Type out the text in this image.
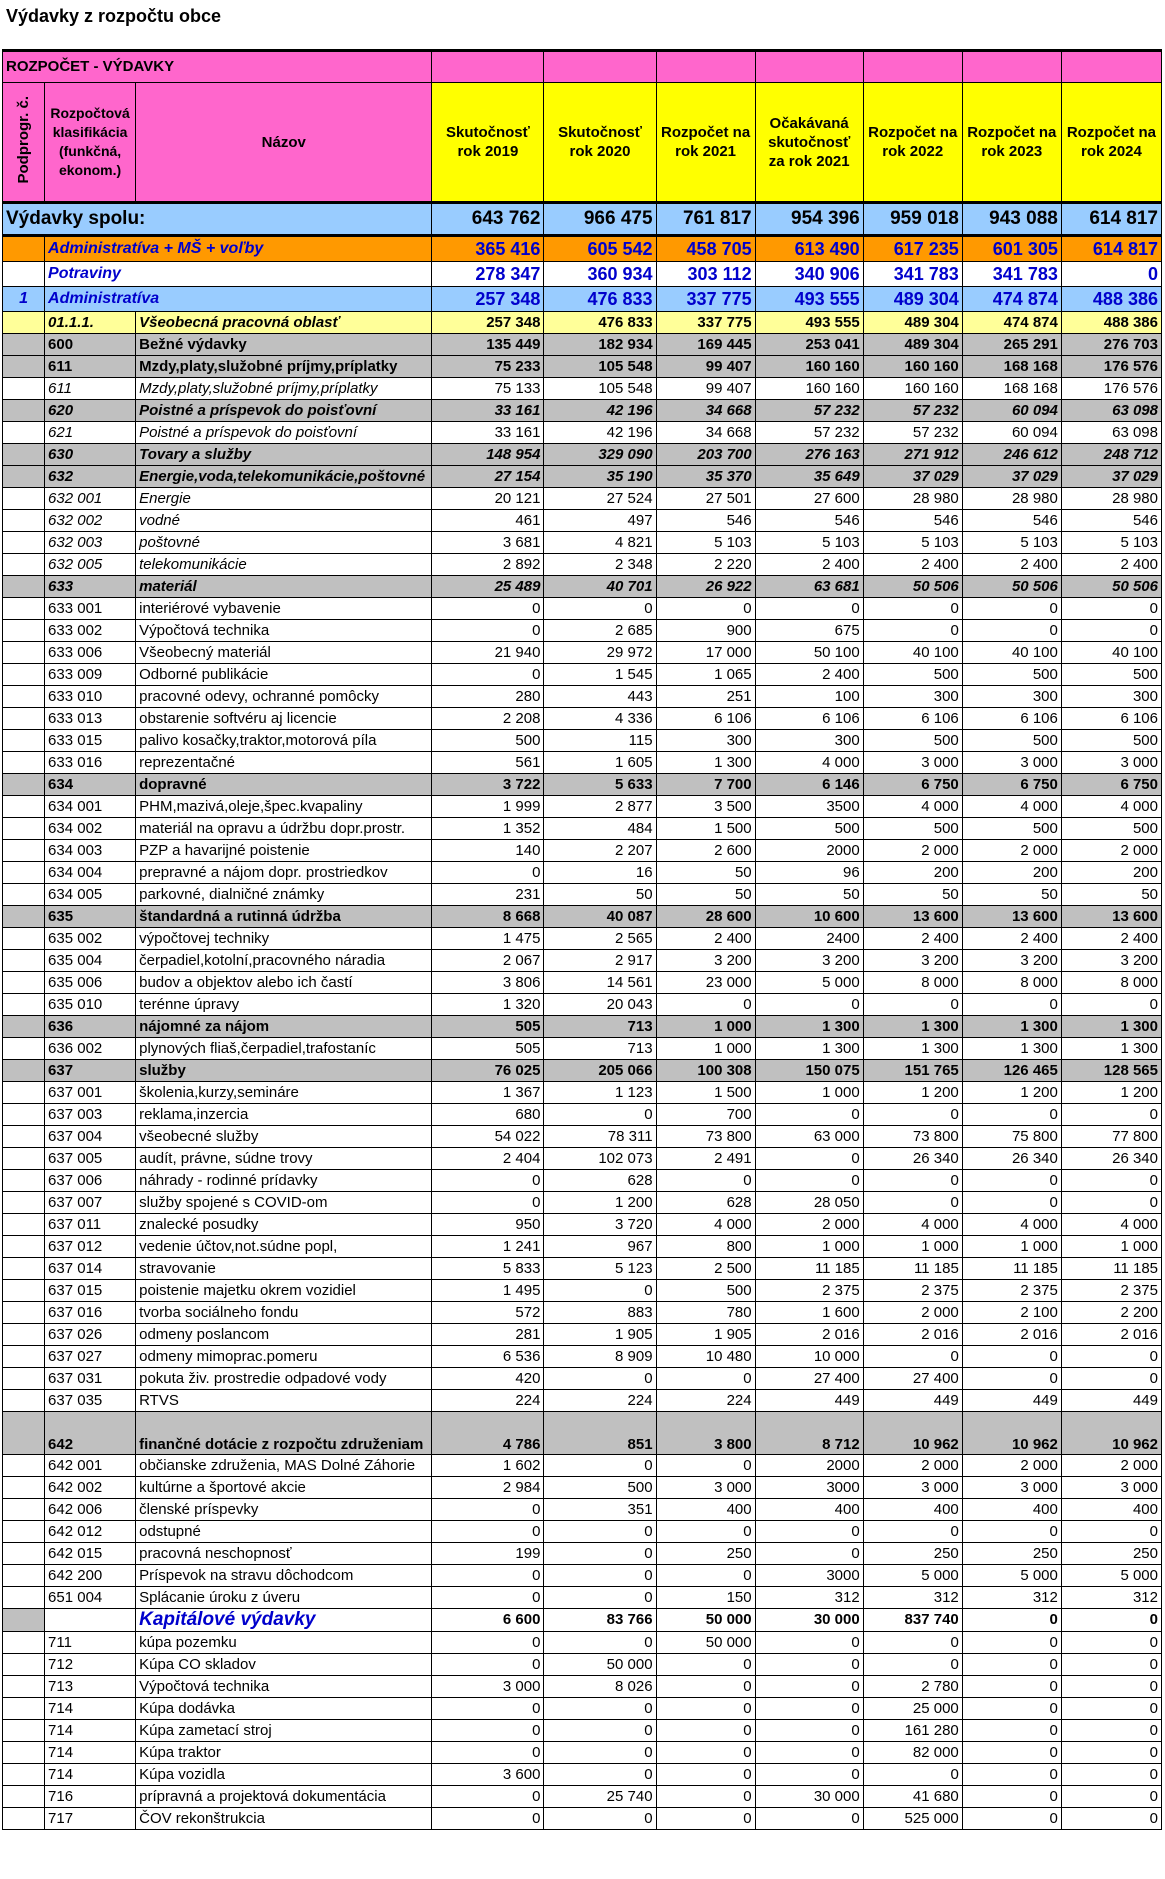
Výdavky z rozpočtu obce
ROZPOČET - VÝDAVKY									
Podprogr. č.	Rozpočtová klasifikácia (funkčná, ekonom.)	Názov	Skutočnosť rok 2019	Skutočnosť rok 2020	Rozpočet na rok 2021	Očakávaná skutočnosť za rok 2021	Rozpočet na rok 2022	Rozpočet na rok 2023	Rozpočet na rok 2024
Výdavky spolu:			643 762	966 475	761 817	954 396	959 018	943 088	614 817
	Administratíva + MŠ + voľby		365 416	605 542	458 705	613 490	617 235	601 305	614 817
	Potraviny		278 347	360 934	303 112	340 906	341 783	341 783	0
1	Administratíva		257 348	476 833	337 775	493 555	489 304	474 874	488 386
	01.1.1.	Všeobecná pracovná oblasť	257 348	476 833	337 775	493 555	489 304	474 874	488 386
	600	Bežné výdavky	135 449	182 934	169 445	253 041	489 304	265 291	276 703
	611	Mzdy,platy,služobné príjmy,príplatky	75 233	105 548	99 407	160 160	160 160	168 168	176 576
	611	Mzdy,platy,služobné príjmy,príplatky	75 133	105 548	99 407	160 160	160 160	168 168	176 576
	620	Poistné a príspevok do poisťovní	33 161	42 196	34 668	57 232	57 232	60 094	63 098
	621	Poistné a príspevok do poisťovní	33 161	42 196	34 668	57 232	57 232	60 094	63 098
	630	Tovary a služby	148 954	329 090	203 700	276 163	271 912	246 612	248 712
	632	Energie,voda,telekomunikácie,poštovné	27 154	35 190	35 370	35 649	37 029	37 029	37 029
	632 001	Energie	20 121	27 524	27 501	27 600	28 980	28 980	28 980
	632 002	vodné	461	497	546	546	546	546	546
	632 003	poštovné	3 681	4 821	5 103	5 103	5 103	5 103	5 103
	632 005	telekomunikácie	2 892	2 348	2 220	2 400	2 400	2 400	2 400
	633	materiál	25 489	40 701	26 922	63 681	50 506	50 506	50 506
	633 001	interiérové vybavenie	0	0	0	0	0	0	0
	633 002	Výpočtová technika	0	2 685	900	675	0	0	0
	633 006	Všeobecný materiál	21 940	29 972	17 000	50 100	40 100	40 100	40 100
	633 009	Odborné publikácie	0	1 545	1 065	2 400	500	500	500
	633 010	pracovné odevy, ochranné pomôcky	280	443	251	100	300	300	300
	633 013	obstarenie softvéru aj licencie	2 208	4 336	6 106	6 106	6 106	6 106	6 106
	633 015	palivo kosačky,traktor,motorová píla	500	115	300	300	500	500	500
	633 016	reprezentačné	561	1 605	1 300	4 000	3 000	3 000	3 000
	634	dopravné	3 722	5 633	7 700	6 146	6 750	6 750	6 750
	634 001	PHM,mazivá,oleje,špec.kvapaliny	1 999	2 877	3 500	3500	4 000	4 000	4 000
	634 002	materiál na opravu a údržbu dopr.prostr.	1 352	484	1 500	500	500	500	500
	634 003	PZP a havarijné poistenie	140	2 207	2 600	2000	2 000	2 000	2 000
	634 004	prepravné a nájom dopr. prostriedkov	0	16	50	96	200	200	200
	634 005	parkovné, dialničné známky	231	50	50	50	50	50	50
	635	štandardná a rutinná údržba	8 668	40 087	28 600	10 600	13 600	13 600	13 600
	635 002	výpočtovej techniky	1 475	2 565	2 400	2400	2 400	2 400	2 400
	635 004	čerpadiel,kotolní,pracovného náradia	2 067	2 917	3 200	3 200	3 200	3 200	3 200
	635 006	budov a objektov alebo ich častí	3 806	14 561	23 000	5 000	8 000	8 000	8 000
	635 010	terénne úpravy	1 320	20 043	0	0	0	0	0
	636	nájomné za nájom	505	713	1 000	1 300	1 300	1 300	1 300
	636 002	plynových fliaš,čerpadiel,trafostaníc	505	713	1 000	1 300	1 300	1 300	1 300
	637	služby	76 025	205 066	100 308	150 075	151 765	126 465	128 565
	637 001	školenia,kurzy,semináre	1 367	1 123	1 500	1 000	1 200	1 200	1 200
	637 003	reklama,inzercia	680	0	700	0	0	0	0
	637 004	všeobecné služby	54 022	78 311	73 800	63 000	73 800	75 800	77 800
	637 005	audít, právne, súdne trovy	2 404	102 073	2 491	0	26 340	26 340	26 340
	637 006	náhrady - rodinné prídavky	0	628	0	0	0	0	0
	637 007	služby spojené s COVID-om	0	1 200	628	28 050	0	0	0
	637 011	znalecké posudky	950	3 720	4 000	2 000	4 000	4 000	4 000
	637 012	vedenie účtov,not.súdne popl,	1 241	967	800	1 000	1 000	1 000	1 000
	637 014	stravovanie	5 833	5 123	2 500	11 185	11 185	11 185	11 185
	637 015	poistenie majetku okrem vozidiel	1 495	0	500	2 375	2 375	2 375	2 375
	637 016	tvorba sociálneho fondu	572	883	780	1 600	2 000	2 100	2 200
	637 026	odmeny poslancom	281	1 905	1 905	2 016	2 016	2 016	2 016
	637 027	odmeny mimoprac.pomeru	6 536	8 909	10 480	10 000	0	0	0
	637 031	pokuta živ. prostredie odpadové vody	420	0	0	27 400	27 400	0	0
	637 035	RTVS	224	224	224	449	449	449	449
	642	finančné dotácie z rozpočtu združeniam	4 786	851	3 800	8 712	10 962	10 962	10 962
	642 001	občianske združenia, MAS Dolné Záhorie	1 602	0	0	2000	2 000	2 000	2 000
	642 002	kultúrne a športové akcie	2 984	500	3 000	3000	3 000	3 000	3 000
	642 006	členské príspevky	0	351	400	400	400	400	400
	642 012	odstupné	0	0	0	0	0	0	0
	642 015	pracovná neschopnosť	199	0	250	0	250	250	250
	642 200	Príspevok na stravu dôchodcom	0	0	0	3000	5 000	5 000	5 000
	651 004	Splácanie úroku z úveru	0	0	150	312	312	312	312
		Kapitálové výdavky	6 600	83 766	50 000	30 000	837 740	0	0
	711	kúpa pozemku	0	0	50 000	0	0	0	0
	712	Kúpa CO skladov	0	50 000	0	0	0	0	0
	713	Výpočtová technika	3 000	8 026	0	0	2 780	0	0
	714	Kúpa dodávka	0	0	0	0	25 000	0	0
	714	Kúpa zametací stroj	0	0	0	0	161 280	0	0
	714	Kúpa traktor	0	0	0	0	82 000	0	0
	714	Kúpa vozidla	3 600	0	0	0	0	0	0
	716	prípravná a projektová dokumentácia	0	25 740	0	30 000	41 680	0	0
	717	ČOV rekonštrukcia	0	0	0	0	525 000	0	0
